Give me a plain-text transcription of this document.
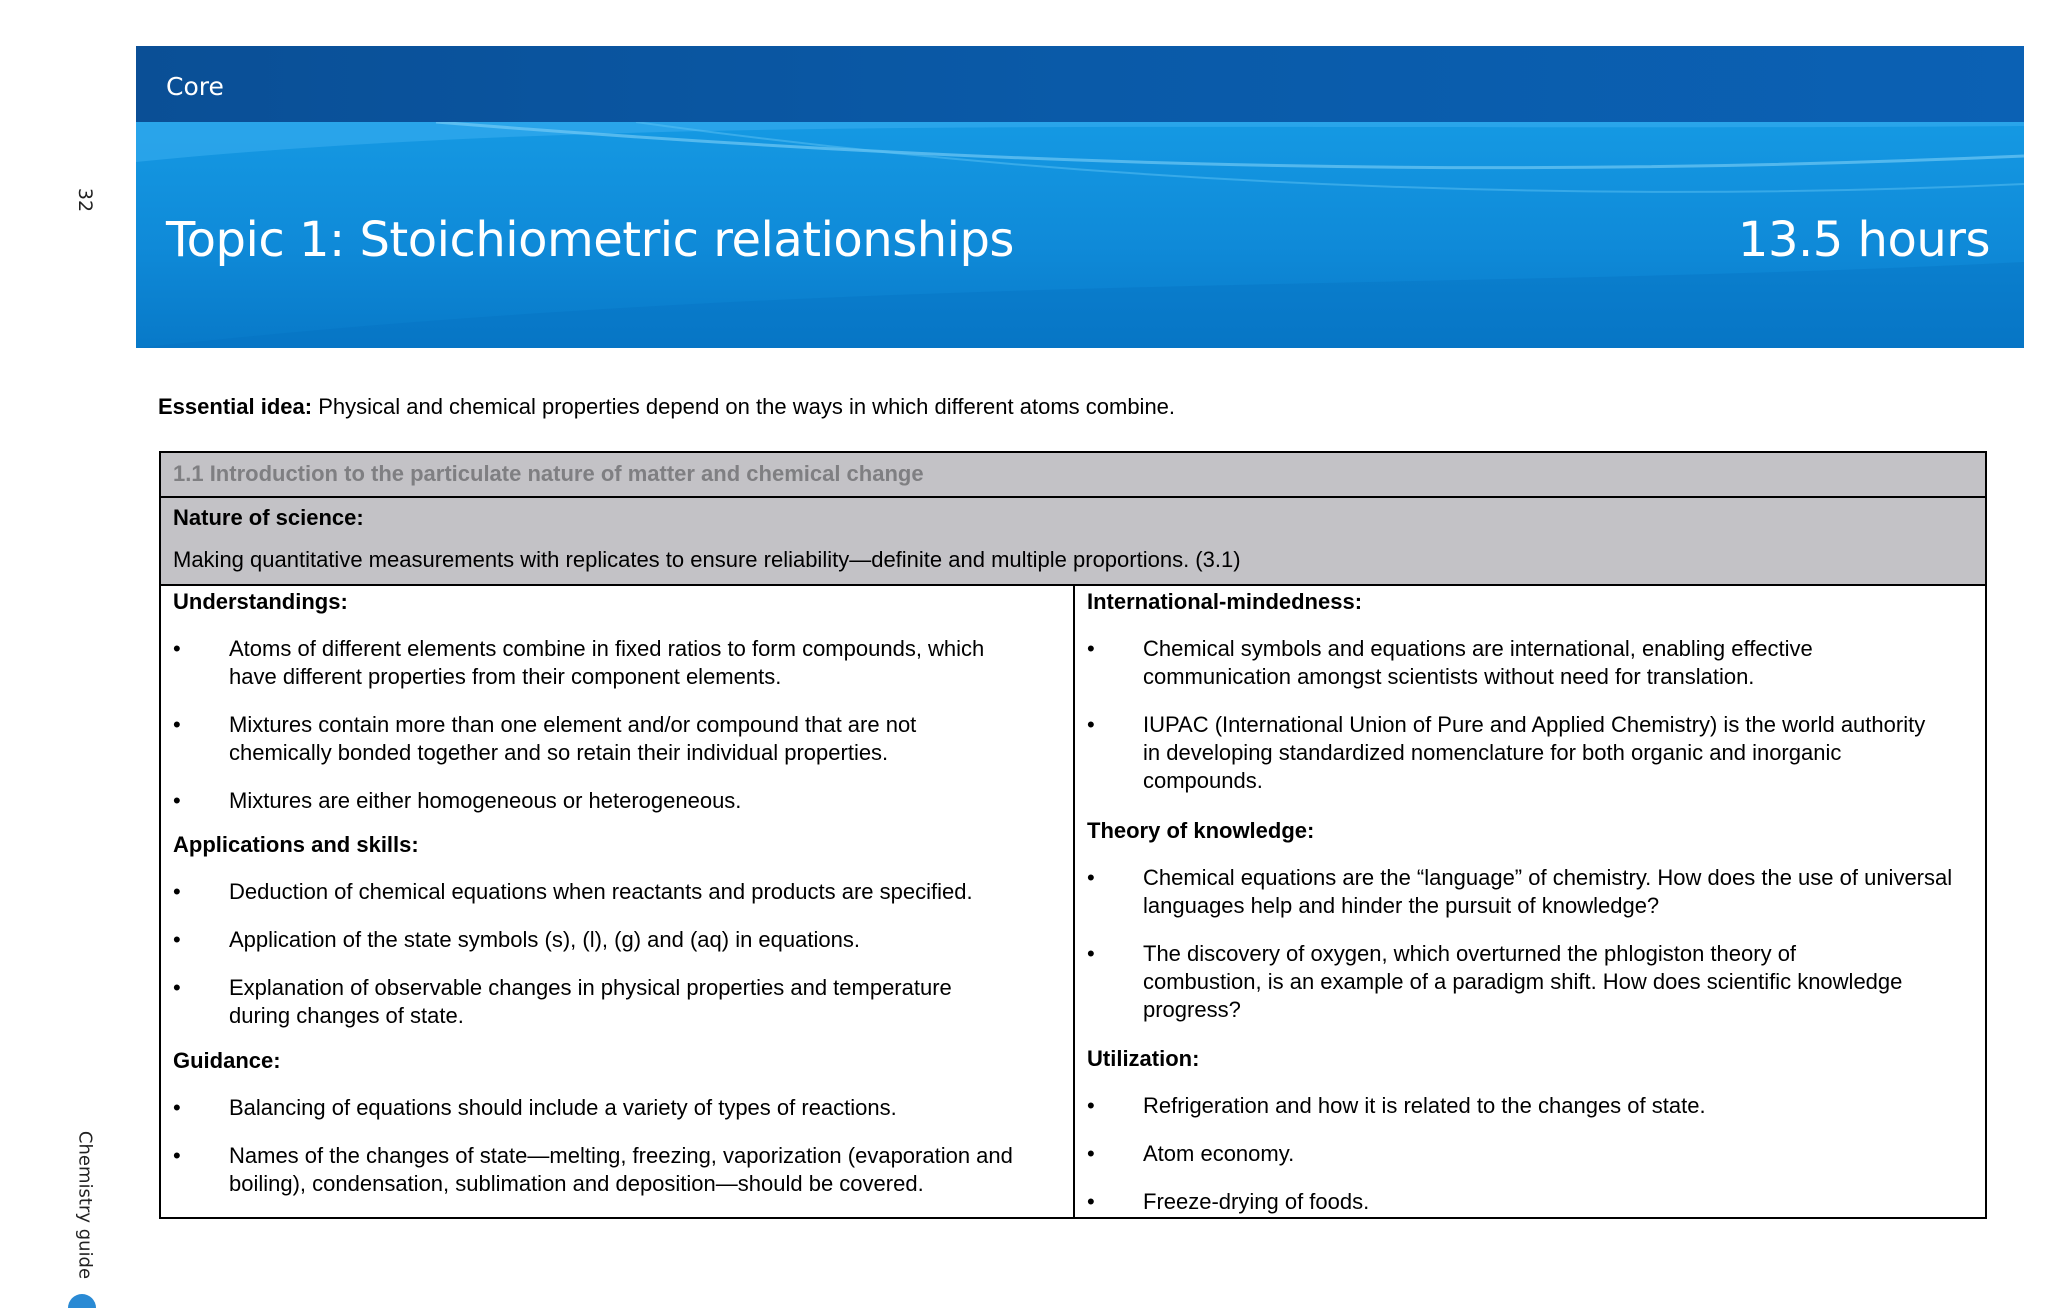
32
Chemistry guide
Core
Topic 1: Stoichiometric relationships	13.5 hours
Essential idea: Physical and chemical properties depend on the ways in which different atoms combine.
1.1 Introduction to the particulate nature of matter and chemical change
Nature of science:
Making quantitative measurements with replicates to ensure reliability—definite and multiple proportions. (3.1)
Understandings:
• Atoms of different elements combine in fixed ratios to form compounds, which have different properties from their component elements.
• Mixtures contain more than one element and/or compound that are not chemically bonded together and so retain their individual properties.
• Mixtures are either homogeneous or heterogeneous.
Applications and skills:
• Deduction of chemical equations when reactants and products are specified.
• Application of the state symbols (s), (l), (g) and (aq) in equations.
• Explanation of observable changes in physical properties and temperature during changes of state.
Guidance:
• Balancing of equations should include a variety of types of reactions.
• Names of the changes of state—melting, freezing, vaporization (evaporation and boiling), condensation, sublimation and deposition—should be covered.
International-mindedness:
• Chemical symbols and equations are international, enabling effective communication amongst scientists without need for translation.
• IUPAC (International Union of Pure and Applied Chemistry) is the world authority in developing standardized nomenclature for both organic and inorganic compounds.
Theory of knowledge:
• Chemical equations are the “language” of chemistry. How does the use of universal languages help and hinder the pursuit of knowledge?
• The discovery of oxygen, which overturned the phlogiston theory of combustion, is an example of a paradigm shift. How does scientific knowledge progress?
Utilization:
• Refrigeration and how it is related to the changes of state.
• Atom economy.
• Freeze-drying of foods.
